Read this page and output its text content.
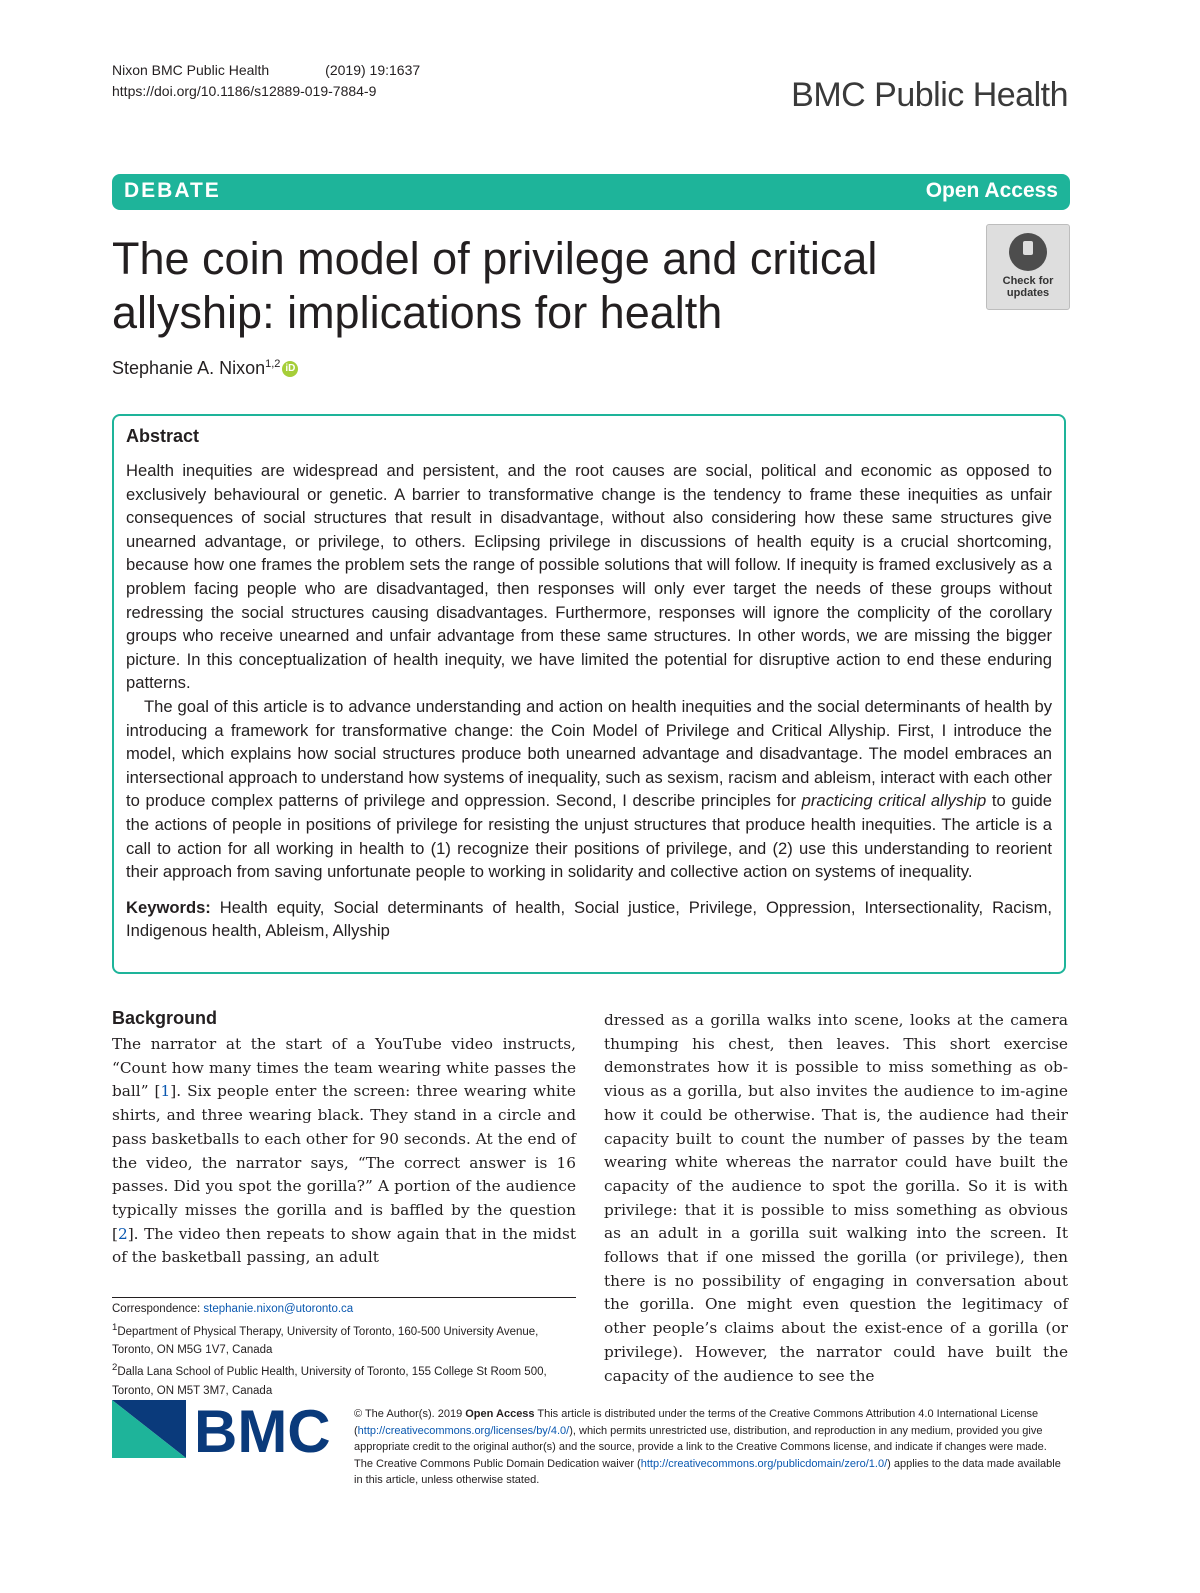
Nixon BMC Public Health	(2019) 19:1637
https://doi.org/10.1186/s12889-019-7884-9	BMC Public Health
DEBATE	Open Access
The coin model of privilege and critical allyship: implications for health
Check for updates
Stephanie A. Nixon$^{1,2}$ iD
Abstract

Health inequities are widespread and persistent, and the root causes are social, political and economic as opposed to exclusively behavioural or genetic. A barrier to transformative change is the tendency to frame these inequities as unfair consequences of social structures that result in disadvantage, without also considering how these same structures give unearned advantage, or privilege, to others. Eclipsing privilege in discussions of health equity is a crucial shortcoming, because how one frames the problem sets the range of possible solutions that will follow. If inequity is framed exclusively as a problem facing people who are disadvantaged, then responses will only ever target the needs of these groups without redressing the social structures causing disadvantages. Furthermore, responses will ignore the complicity of the corollary groups who receive unearned and unfair advantage from these same structures. In other words, we are missing the bigger picture. In this conceptualization of health inequity, we have limited the potential for disruptive action to end these enduring patterns.

The goal of this article is to advance understanding and action on health inequities and the social determinants of health by introducing a framework for transformative change: the Coin Model of Privilege and Critical Allyship. First, I introduce the model, which explains how social structures produce both unearned advantage and disadvantage. The model embraces an intersectional approach to understand how systems of inequality, such as sexism, racism and ableism, interact with each other to produce complex patterns of privilege and oppression. Second, I describe principles for practicing critical allyship to guide the actions of people in positions of privilege for resisting the unjust structures that produce health inequities. The article is a call to action for all working in health to (1) recognize their positions of privilege, and (2) use this understanding to reorient their approach from saving unfortunate people to working in solidarity and collective action on systems of inequality.

Keywords: Health equity, Social determinants of health, Social justice, Privilege, Oppression, Intersectionality, Racism, Indigenous health, Ableism, Allyship

Background

The narrator at the start of a YouTube video instructs, “Count how many times the team wearing white passes the ball” [1]. Six people enter the screen: three wearing white shirts, and three wearing black. They stand in a circle and pass basketballs to each other for 90 seconds. At the end of the video, the narrator says, “The correct answer is 16 passes. Did you spot the gorilla?” A portion of the audience typically misses the gorilla and is baffled by the question [2]. The video then repeats to show again that in the midst of the basketball passing, an adult

dressed as a gorilla walks into scene, looks at the camera thumping his chest, then leaves. This short exercise demonstrates how it is possible to miss something as ob-vious as a gorilla, but also invites the audience to im-agine how it could be otherwise. That is, the audience had their capacity built to count the number of passes by the team wearing white whereas the narrator could have built the capacity of the audience to spot the gorilla. So it is with privilege: that it is possible to miss something as obvious as an adult in a gorilla suit walking into the screen. It follows that if one missed the gorilla (or privilege), then there is no possibility of engaging in conversation about the gorilla. One might even question the legitimacy of other people’s claims about the exist-ence of a gorilla (or privilege). However, the narrator could have built the capacity of the audience to see the

Correspondence: stephanie.nixon@utoronto.ca
$^1$Department of Physical Therapy, University of Toronto, 160-500 University Avenue, Toronto, ON M5G 1V7, Canada
$^2$Dalla Lana School of Public Health, University of Toronto, 155 College St Room 500, Toronto, ON M5T 3M7, Canada
BMC © The Author(s). 2019 Open Access This article is distributed under the terms of the Creative Commons Attribution 4.0 International License (http://creativecommons.org/licenses/by/4.0/), which permits unrestricted use, distribution, and reproduction in any medium, provided you give appropriate credit to the original author(s) and the source, provide a link to the Creative Commons license, and indicate if changes were made. The Creative Commons Public Domain Dedication waiver (http://creativecommons.org/publicdomain/zero/1.0/) applies to the data made available in this article, unless otherwise stated.
